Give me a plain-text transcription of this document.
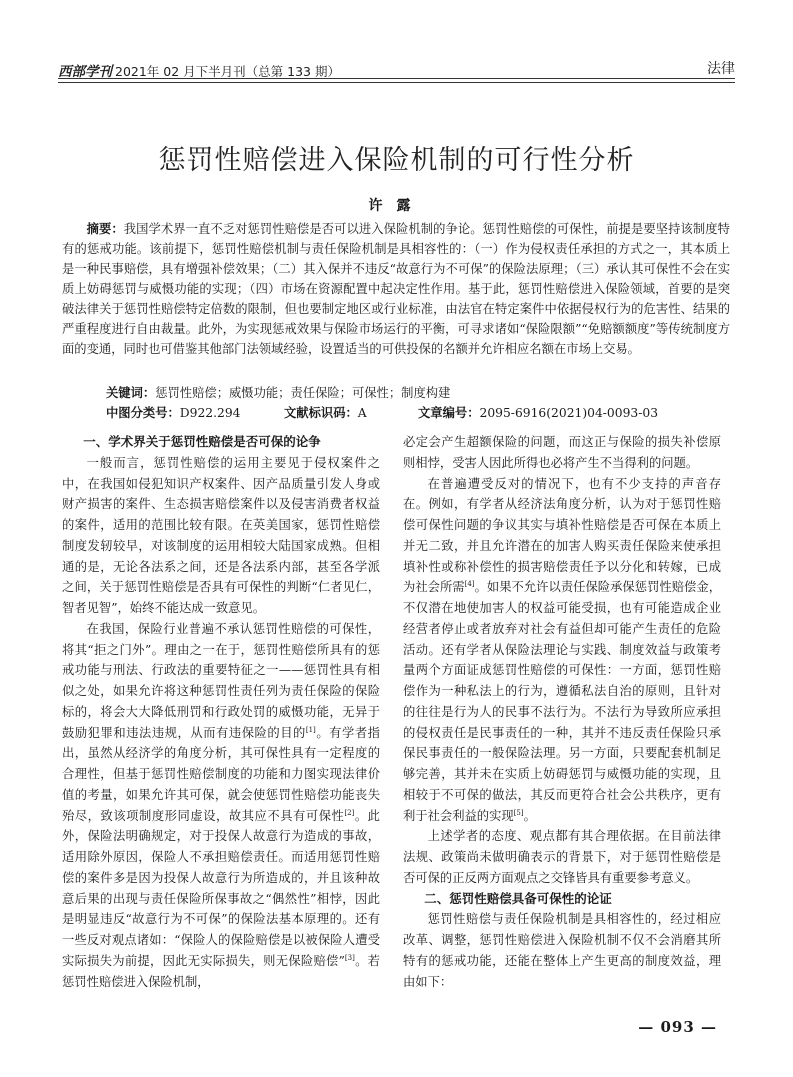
西部学刊 2021年 02 月下半月刊（总第 133 期）	法律

惩罚性赔偿进入保险机制的可行性分析
许露
摘要：我国学术界一直不乏对惩罚性赔偿是否可以进入保险机制的争论。惩罚性赔偿的可保性，前提是要坚持该制度特有的惩戒功能。该前提下，惩罚性赔偿机制与责任保险机制是具相容性的：（一）作为侵权责任承担的方式之一，其本质上是一种民事赔偿，具有增强补偿效果；（二）其入保并不违反“故意行为不可保”的保险法原理；（三）承认其可保性不会在实质上妨碍惩罚与威慑功能的实现；（四）市场在资源配置中起决定性作用。基于此，惩罚性赔偿进入保险领域，首要的是突破法律关于惩罚性赔偿特定倍数的限制，但也要制定地区或行业标准，由法官在特定案件中依据侵权行为的危害性、结果的严重程度进行自由裁量。此外，为实现惩戒效果与保险市场运行的平衡，可寻求诸如“保险限额”“免赔额额度”等传统制度方面的变通，同时也可借鉴其他部门法领域经验，设置适当的可供投保的名额并允许相应名额在市场上交易。
关键词：惩罚性赔偿；威慑功能；责任保险；可保性；制度构建
中图分类号：D922.294	文献标识码：A	文章编号：2095-6916(2021)04-0093-03
一、学术界关于惩罚性赔偿是否可保的论争

一般而言，惩罚性赔偿的运用主要见于侵权案件之中，在我国如侵犯知识产权案件、因产品质量引发人身或财产损害的案件、生态损害赔偿案件以及侵害消费者权益的案件，适用的范围比较有限。在英美国家，惩罚性赔偿制度发轫较早，对该制度的运用相较大陆国家成熟。但相通的是，无论各法系之间，还是各法系内部，甚至各学派之间，关于惩罚性赔偿是否具有可保性的判断“仁者见仁，智者见智”，始终不能达成一致意见。

在我国，保险行业普遍不承认惩罚性赔偿的可保性，将其“拒之门外”。理由之一在于，惩罚性赔偿所具有的惩戒功能与刑法、行政法的重要特征之一——惩罚性具有相似之处，如果允许将这种惩罚性责任列为责任保险的保险标的，将会大大降低刑罚和行政处罚的威慑功能，无异于鼓励犯罪和违法违规，从而有违保险的目的[1]。有学者指出，虽然从经济学的角度分析，其可保性具有一定程度的合理性，但基于惩罚性赔偿制度的功能和力图实现法律价值的考量，如果允许其可保，就会使惩罚性赔偿功能丧失殆尽，致该项制度形同虚设，故其应不具有可保性[2]。此外，保险法明确规定，对于投保人故意行为造成的事故，适用除外原因，保险人不承担赔偿责任。而适用惩罚性赔偿的案件多是因为投保人故意行为所造成的，并且该种故意后果的出现与责任保险所保事故之“偶然性”相悖，因此是明显违反“故意行为不可保”的保险法基本原理的。还有一些反对观点诸如：“保险人的保险赔偿是以被保险人遭受实际损失为前提，因此无实际损失，则无保险赔偿”[3]。若惩罚性赔偿进入保险机制，

必定会产生超额保险的问题，而这正与保险的损失补偿原则相悖，受害人因此所得也必将产生不当得利的问题。

在普遍遭受反对的情况下，也有不少支持的声音存在。例如，有学者从经济法角度分析，认为对于惩罚性赔偿可保性问题的争议其实与填补性赔偿是否可保在本质上并无二致，并且允许潜在的加害人购买责任保险来使承担填补性或称补偿性的损害赔偿责任予以分化和转嫁，已成为社会所需[4]。如果不允许以责任保险承保惩罚性赔偿金，不仅潜在地使加害人的权益可能受损，也有可能造成企业经营者停止或者放弃对社会有益但却可能产生责任的危险活动。还有学者从保险法理论与实践、制度效益与政策考量两个方面证成惩罚性赔偿的可保性：一方面，惩罚性赔偿作为一种私法上的行为，遵循私法自治的原则，且针对的往往是行为人的民事不法行为。不法行为导致所应承担的侵权责任是民事责任的一种，其并不违反责任保险只承保民事责任的一般保险法理。另一方面，只要配套机制足够完善，其并未在实质上妨碍惩罚与威慑功能的实现，且相较于不可保的做法，其反而更符合社会公共秩序，更有利于社会利益的实现[5]。

上述学者的态度、观点都有其合理依据。在目前法律法规、政策尚未做明确表示的背景下，对于惩罚性赔偿是否可保的正反两方面观点之交锋皆具有重要参考意义。

二、惩罚性赔偿具备可保性的论证

惩罚性赔偿与责任保险机制是具相容性的，经过相应改革、调整，惩罚性赔偿进入保险机制不仅不会消磨其所特有的惩戒功能，还能在整体上产生更高的制度效益，理由如下：

— 093 —
